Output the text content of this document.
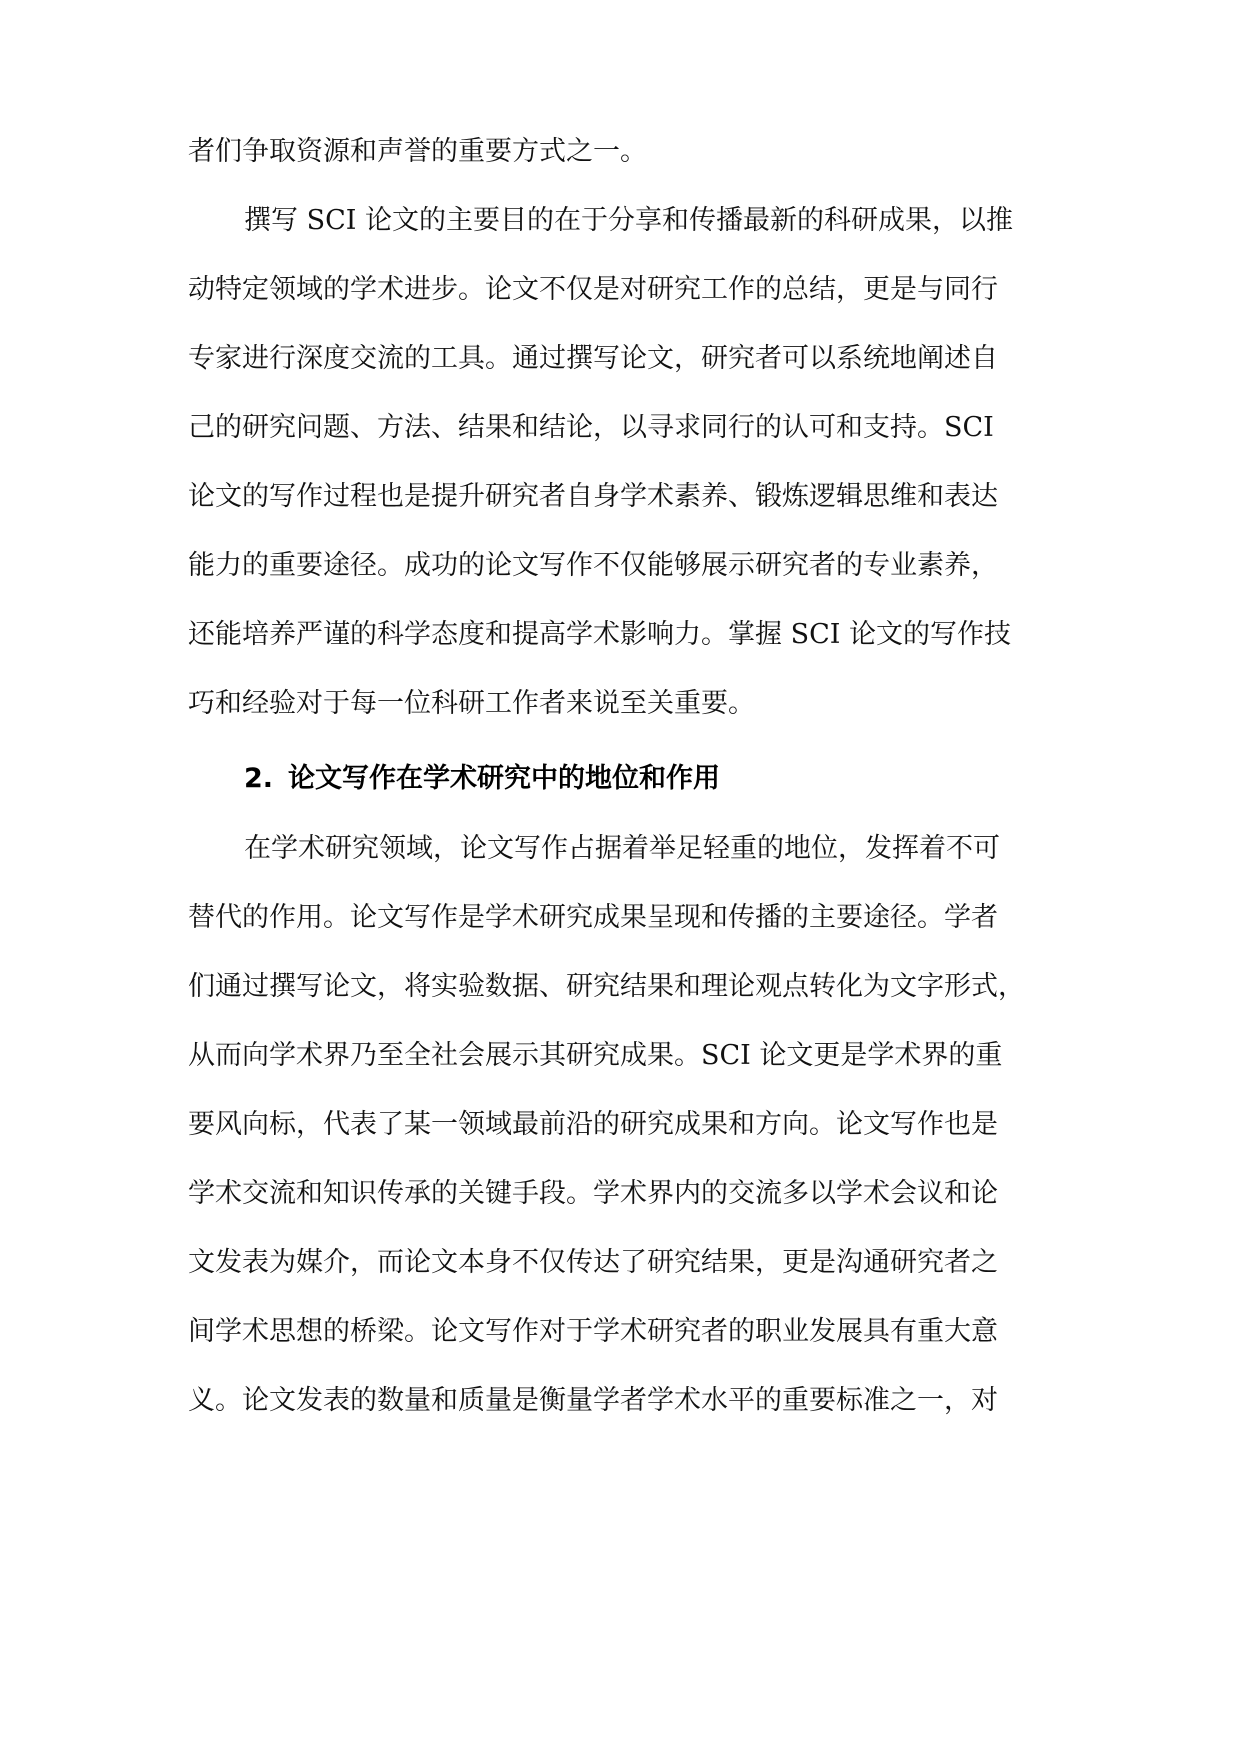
者们争取资源和声誉的重要方式之一。
撰写 SCI 论文的主要目的在于分享和传播最新的科研成果，以推
动特定领域的学术进步。论文不仅是对研究工作的总结，更是与同行
专家进行深度交流的工具。通过撰写论文，研究者可以系统地阐述自
己的研究问题、方法、结果和结论，以寻求同行的认可和支持。SCI
论文的写作过程也是提升研究者自身学术素养、锻炼逻辑思维和表达
能力的重要途径。成功的论文写作不仅能够展示研究者的专业素养，
还能培养严谨的科学态度和提高学术影响力。掌握 SCI 论文的写作技
巧和经验对于每一位科研工作者来说至关重要。
2. 论文写作在学术研究中的地位和作用
在学术研究领域，论文写作占据着举足轻重的地位，发挥着不可
替代的作用。论文写作是学术研究成果呈现和传播的主要途径。学者
们通过撰写论文，将实验数据、研究结果和理论观点转化为文字形式，
从而向学术界乃至全社会展示其研究成果。SCI 论文更是学术界的重
要风向标，代表了某一领域最前沿的研究成果和方向。论文写作也是
学术交流和知识传承的关键手段。学术界内的交流多以学术会议和论
文发表为媒介，而论文本身不仅传达了研究结果，更是沟通研究者之
间学术思想的桥梁。论文写作对于学术研究者的职业发展具有重大意
义。论文发表的数量和质量是衡量学者学术水平的重要标准之一，对
